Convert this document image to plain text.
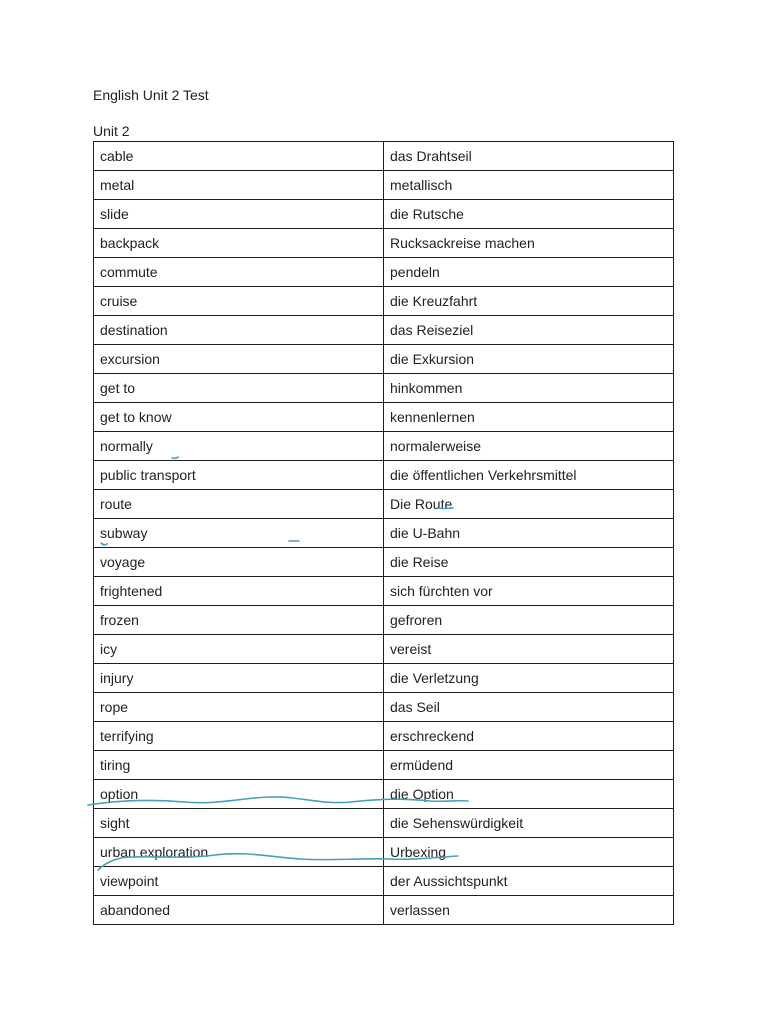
English Unit 2 Test
Unit 2
cable	das Drahtseil
metal	metallisch
slide	die Rutsche
backpack	Rucksackreise machen
commute	pendeln
cruise	die Kreuzfahrt
destination	das Reiseziel
excursion	die Exkursion
get to	hinkommen
get to know	kennenlernen
normally	normalerweise
public transport	die öffentlichen Verkehrsmittel
route	Die Route
subway	die U-Bahn
voyage	die Reise
frightened	sich fürchten vor
frozen	gefroren
icy	vereist
injury	die Verletzung
rope	das Seil
terrifying	erschreckend
tiring	ermüdend
option	die Option
sight	die Sehenswürdigkeit
urban exploration	Urbexing
viewpoint	der Aussichtspunkt
abandoned	verlassen
